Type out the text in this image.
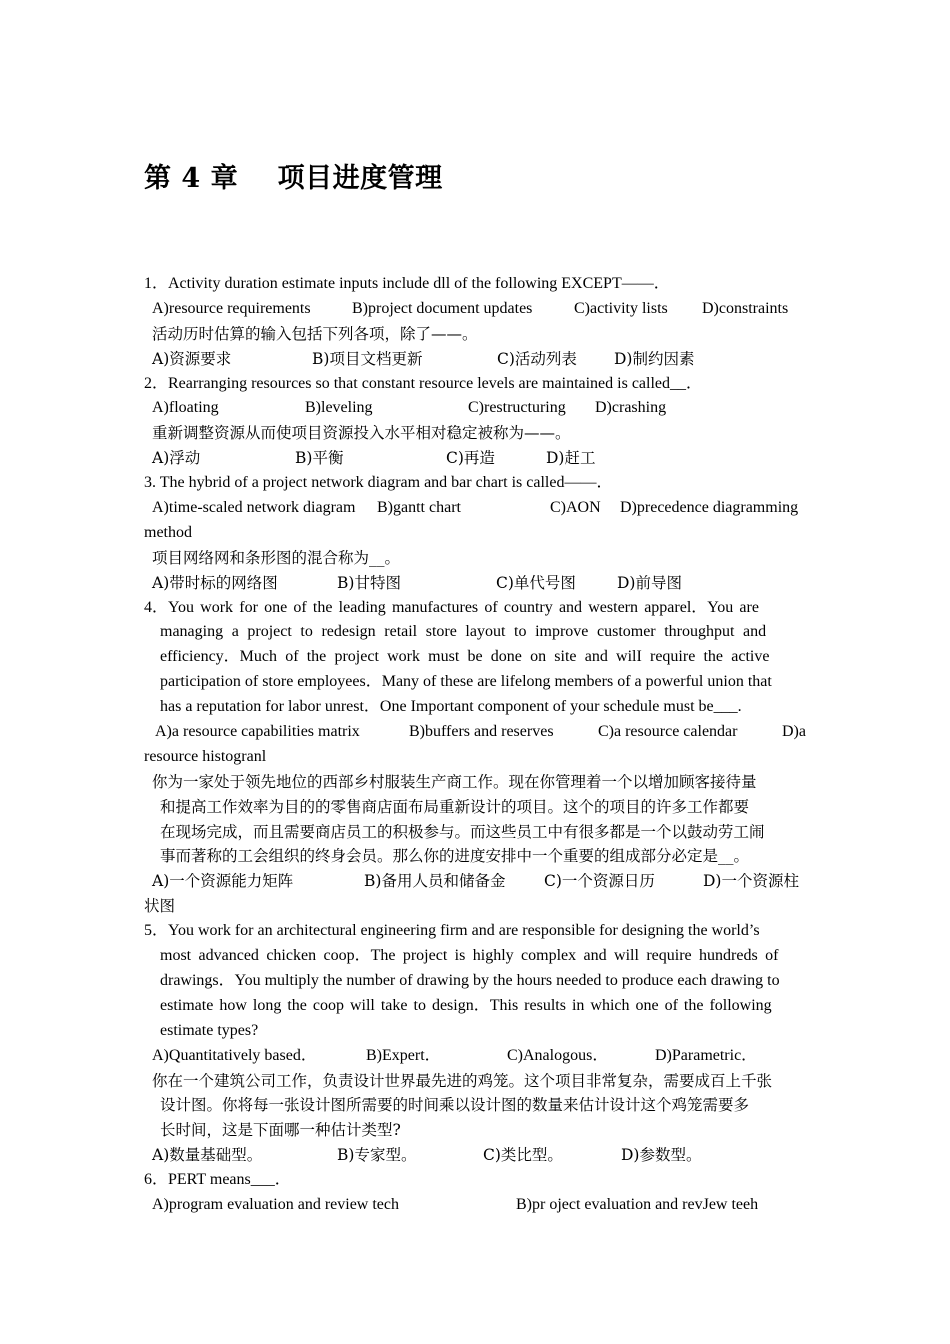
第 4 章    项目进度管理
1．Activity duration estimate inputs include dll of the following EXCEPT——．
A)resource requirements	B)project document updates	C)activity lists	D)constraints
活动历时估算的输入包括下列各项，除了——。
A)资源要求	B)项目文档更新	C)活动列表	D)制约因素
2．Rearranging resources so that constant resource levels are maintained is called__．
A)floating	B)leveling	C)restructuring	D)crashing
重新调整资源从而使项目资源投入水平相对稳定被称为——。
A)浮动	B)平衡	C)再造	D)赶工
3. The hybrid of a project network diagram and bar chart is called——．
A)time-scaled network diagram	B)gantt chart	C)AON	D)precedence diagramming
method
项目网络网和条形图的混合称为__。
A)带时标的网络图	B)甘特图	C)单代号图	D)前导图
4．You work for one of the leading manufactures of country and western apparel．You are
managing a project to redesign retail store layout to improve customer throughput and
efficiency．Much of the project work must be done on site and wilI require the active
participation of store employees．Many of these are lifelong members of a powerful union that
has a reputation for labor unrest．One Important component of your schedule must be___.
A)a resource capabilities matrix	B)buffers and reserves	C)a resource calendar	D)a
resource histogranl
你为一家处于领先地位的西部乡村服装生产商工作。现在你管理着一个以增加顾客接待量
和提高工作效率为目的的零售商店面布局重新设计的项目。这个的项目的许多工作都要
在现场完成，而且需要商店员工的积极参与。而这些员工中有很多都是一个以鼓动劳工闹
事而著称的工会组织的终身会员。那么你的进度安排中一个重要的组成部分必定是__。
A)一个资源能力矩阵	B)备用人员和储备金	C)一个资源日历	D)一个资源柱
状图
5．You work for an architectural engineering firm and are responsible for designing the world’s
most advanced chicken coop．The project is highly complex and will require hundreds of
drawings．You multiply the number of drawing by the hours needed to produce each drawing to
estimate how long the coop will take to design．This results in which one of the following
estimate types?
A)Quantitatively based．	B)Expert．	C)Analogous．	D)Parametric．
你在一个建筑公司工作，负责设计世界最先进的鸡笼。这个项目非常复杂，需要成百上千张
设计图。你将每一张设计图所需要的时间乘以设计图的数量来估计设计这个鸡笼需要多
长时间，这是下面哪一种估计类型?
A)数量基础型。	B)专家型。	C)类比型。	D)参数型。
6．PERT means___．
A)program evaluation and review tech	B)pr oject evaluation and revJew teeh
